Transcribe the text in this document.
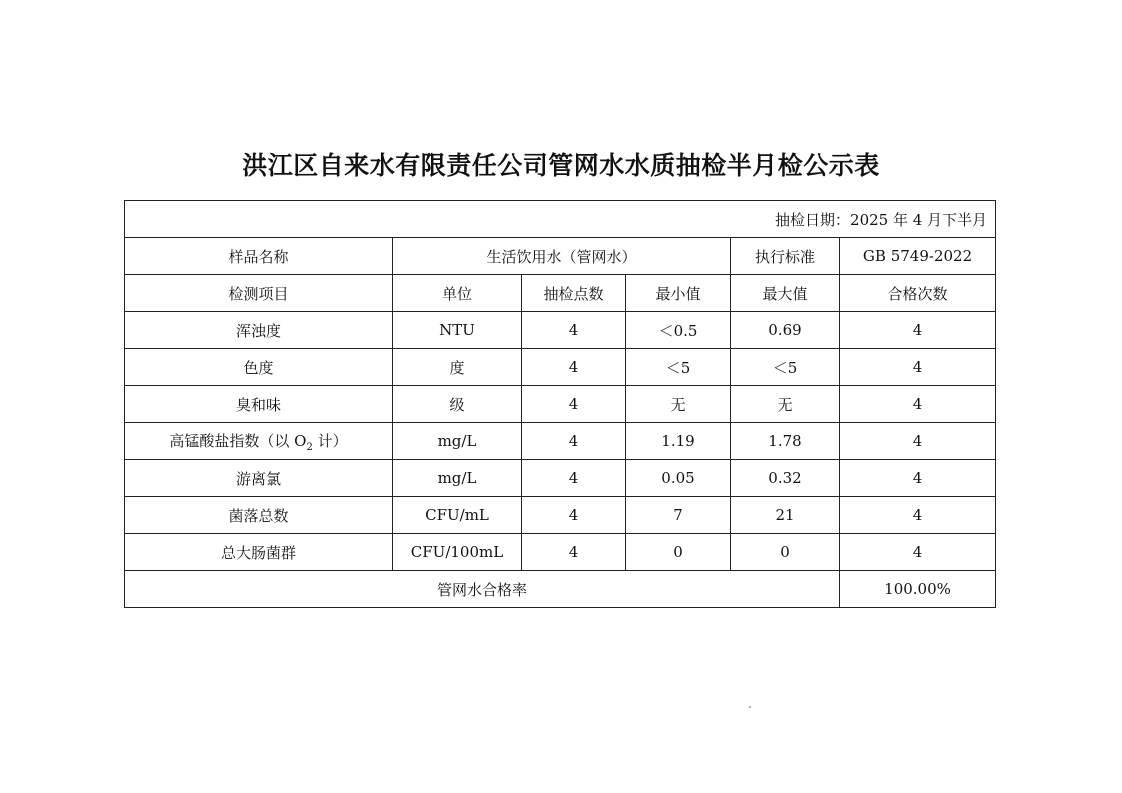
洪江区自来水有限责任公司管网水水质抽检半月检公示表
抽检日期：2025 年 4 月下半月					
样品名称	生活饮用水（管网水）			执行标准	GB 5749-2022
检测项目	单位	抽检点数	最小值	最大值	合格次数
浑浊度	NTU	4	＜0.5	0.69	4
色度	度	4	＜5	＜5	4
臭和味	级	4	无	无	4
高锰酸盐指数（以 $O_2$ 计）	mg/L	4	1.19	1.78	4
游离氯	mg/L	4	0.05	0.32	4
菌落总数	CFU/mL	4	7	21	4
总大肠菌群	CFU/100mL	4	0	0	4
管网水合格率					100.00%
